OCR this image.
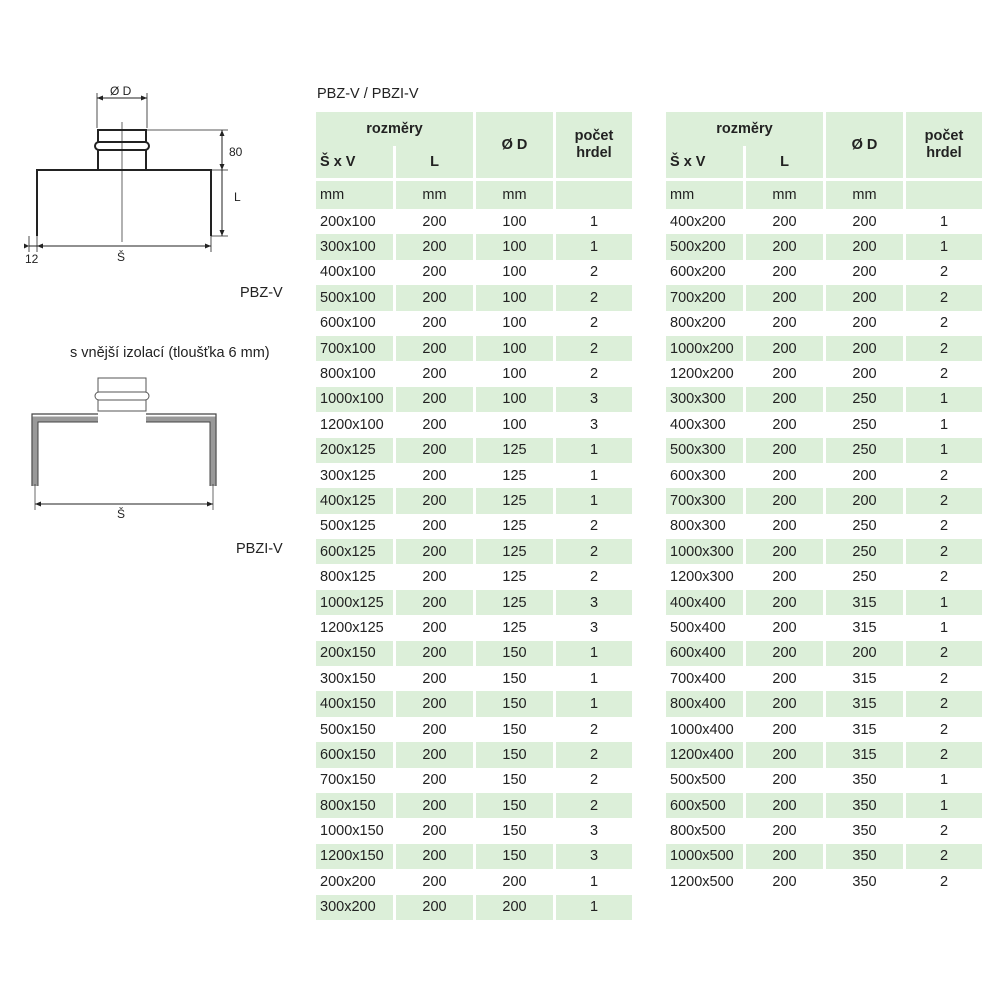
Ø D
80
L
12	Š
PBZ-V
s vnější izolací (tloušťka 6 mm)
Š
PBZI-V
PBZ-V / PBZI-V
rozměry		Ø D	počet
hrdel
Š x V	L		

mm	mm	mm	
200x100	200	100	1
300x100	200	100	1
400x100	200	100	2
500x100	200	100	2
600x100	200	100	2
700x100	200	100	2
800x100	200	100	2
1000x100	200	100	3
1200x100	200	100	3
200x125	200	125	1
300x125	200	125	1
400x125	200	125	1
500x125	200	125	2
600x125	200	125	2
800x125	200	125	2
1000x125	200	125	3
1200x125	200	125	3
200x150	200	150	1
300x150	200	150	1
400x150	200	150	1
500x150	200	150	2
600x150	200	150	2
700x150	200	150	2
800x150	200	150	2
1000x150	200	150	3
1200x150	200	150	3
200x200	200	200	1
300x200	200	200	1
rozměry		Ø D	počet
hrdel
Š x V	L		

mm	mm	mm	
400x200	200	200	1
500x200	200	200	1
600x200	200	200	2
700x200	200	200	2
800x200	200	200	2
1000x200	200	200	2
1200x200	200	200	2
300x300	200	250	1
400x300	200	250	1
500x300	200	250	1
600x300	200	200	2
700x300	200	200	2
800x300	200	250	2
1000x300	200	250	2
1200x300	200	250	2
400x400	200	315	1
500x400	200	315	1
600x400	200	200	2
700x400	200	315	2
800x400	200	315	2
1000x400	200	315	2
1200x400	200	315	2
500x500	200	350	1
600x500	200	350	1
800x500	200	350	2
1000x500	200	350	2
1200x500	200	350	2
